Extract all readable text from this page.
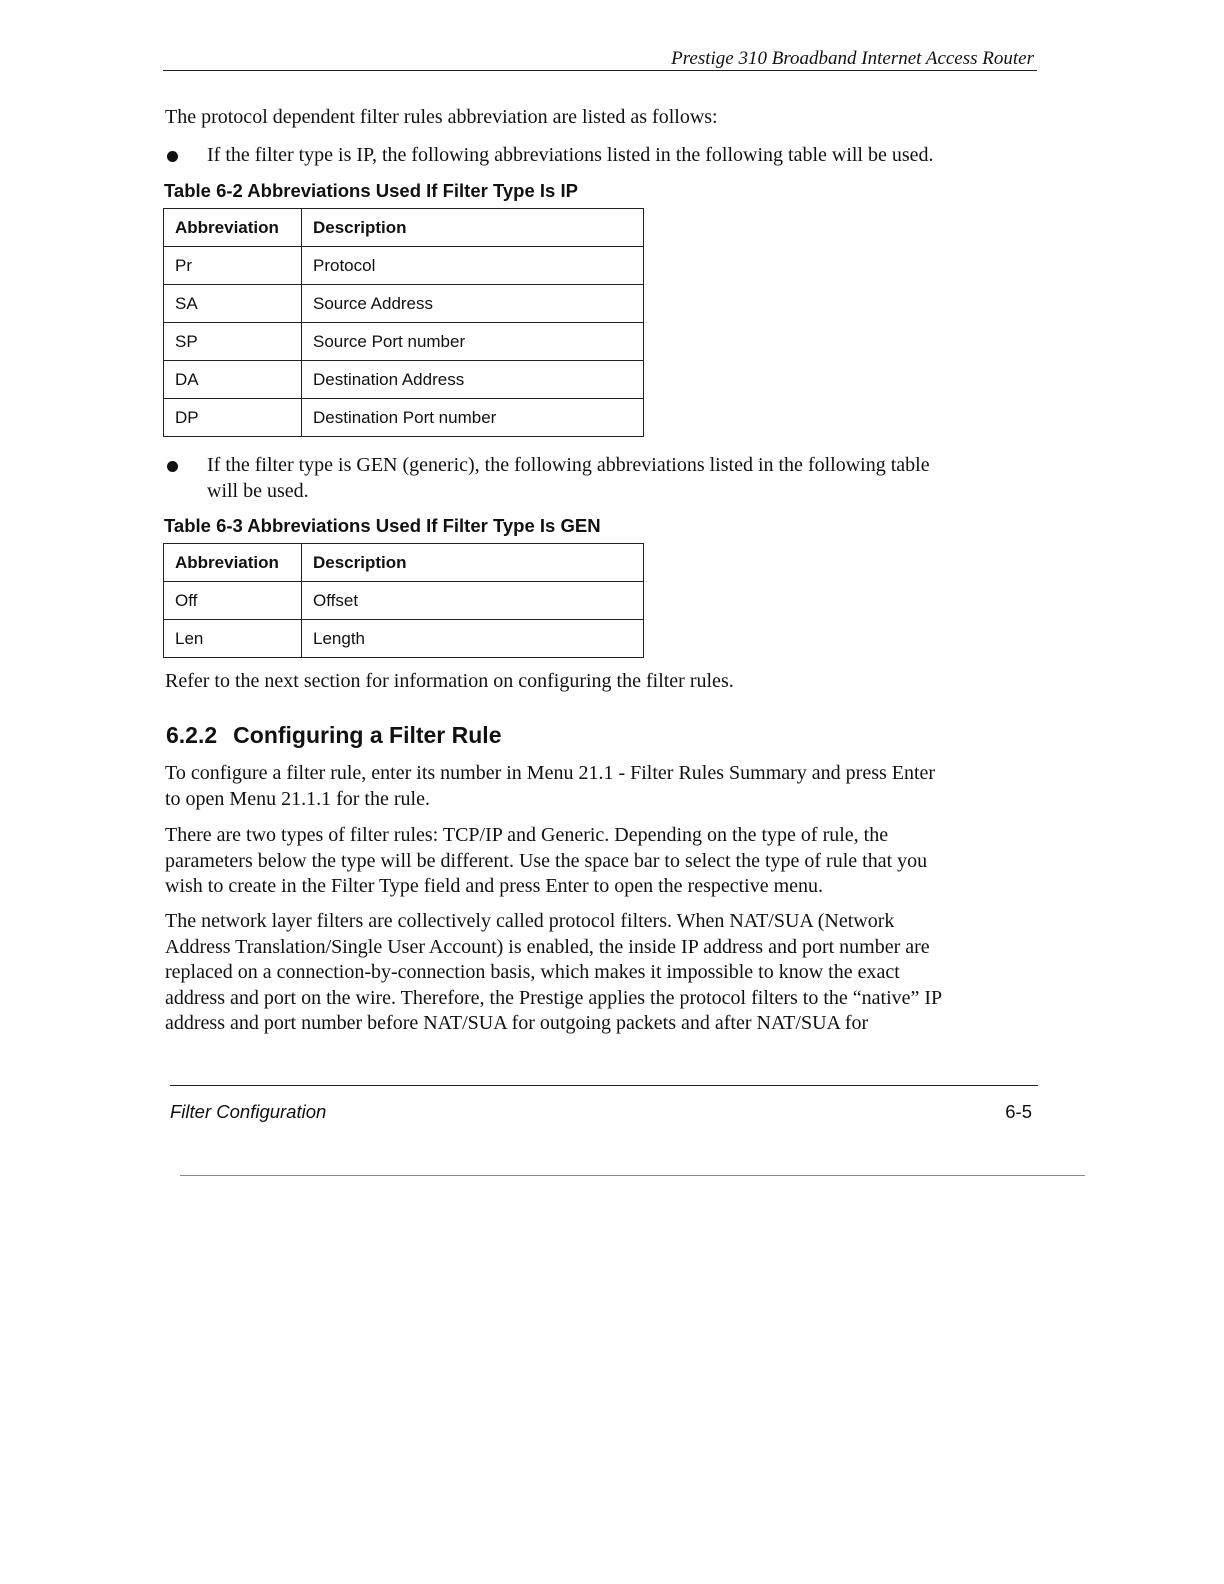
Prestige 310 Broadband Internet Access Router

The protocol dependent filter rules abbreviation are listed as follows:

If the filter type is IP, the following abbreviations listed in the following table will be used.
Table 6-2 Abbreviations Used If Filter Type Is IP
Abbreviation	Description
Pr	Protocol
SA	Source Address
SP	Source Port number
DA	Destination Address
DP	Destination Port number
If the filter type is GEN (generic), the following abbreviations listed in the following table
will be used.
Table 6-3 Abbreviations Used If Filter Type Is GEN
Abbreviation	Description
Off	Offset
Len	Length

Refer to the next section for information on configuring the filter rules.

6.2.2 Configuring a Filter Rule
To configure a filter rule, enter its number in Menu 21.1 - Filter Rules Summary and press Enter
to open Menu 21.1.1 for the rule.
There are two types of filter rules: TCP/IP and Generic. Depending on the type of rule, the
parameters below the type will be different. Use the space bar to select the type of rule that you
wish to create in the Filter Type field and press Enter to open the respective menu.
The network layer filters are collectively called protocol filters. When NAT/SUA (Network
Address Translation/Single User Account) is enabled, the inside IP address and port number are
replaced on a connection-by-connection basis, which makes it impossible to know the exact
address and port on the wire. Therefore, the Prestige applies the protocol filters to the “native” IP
address and port number before NAT/SUA for outgoing packets and after NAT/SUA for
Filter Configuration	6-5
